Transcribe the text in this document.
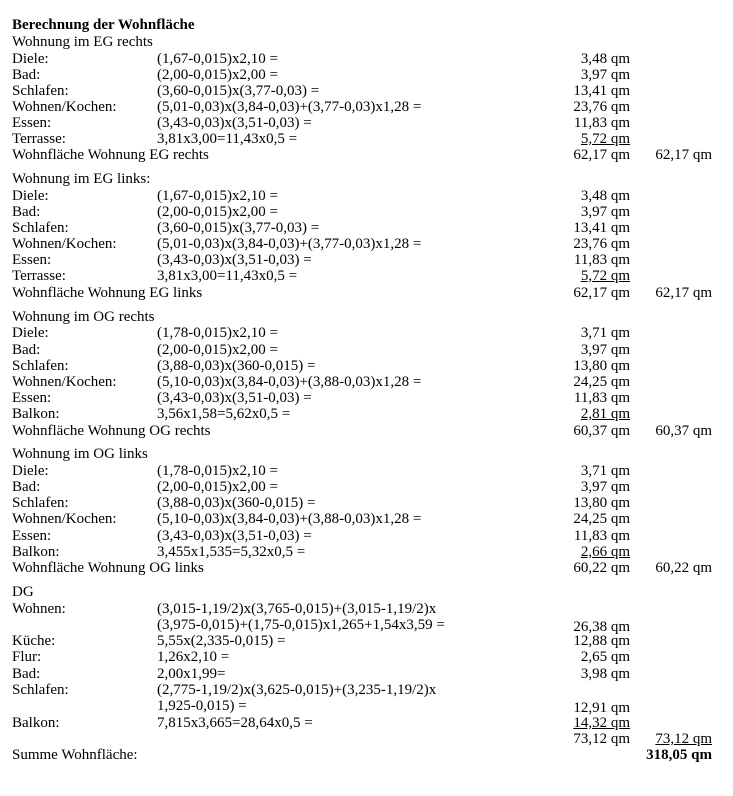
Berechnung der Wohnfläche
Wohnung im EG rechts
Diele:	(1,67-0,015)x2,10 =	3,48 qm
Bad:	(2,00-0,015)x2,00 =	3,97 qm
Schlafen:	(3,60-0,015)x(3,77-0,03) =	13,41 qm
Wohnen/Kochen:	(5,01-0,03)x(3,84-0,03)+(3,77-0,03)x1,28 =	23,76 qm
Essen:	(3,43-0,03)x(3,51-0,03) =	11,83 qm
Terrasse:	3,81x3,00=11,43x0,5 =	5,72 qm
Wohnfläche Wohnung EG rechts	62,17 qm 62,17 qm
Wohnung im EG links:
Diele:	(1,67-0,015)x2,10 =	3,48 qm
Bad:	(2,00-0,015)x2,00 =	3,97 qm
Schlafen:	(3,60-0,015)x(3,77-0,03) =	13,41 qm
Wohnen/Kochen:	(5,01-0,03)x(3,84-0,03)+(3,77-0,03)x1,28 =	23,76 qm
Essen:	(3,43-0,03)x(3,51-0,03) =	11,83 qm
Terrasse:	3,81x3,00=11,43x0,5 =	5,72 qm
Wohnfläche Wohnung EG links	62,17 qm 62,17 qm
Wohnung im OG rechts
Diele:	(1,78-0,015)x2,10 =	3,71 qm
Bad:	(2,00-0,015)x2,00 =	3,97 qm
Schlafen:	(3,88-0,03)x(360-0,015) =	13,80 qm
Wohnen/Kochen:	(5,10-0,03)x(3,84-0,03)+(3,88-0,03)x1,28 =	24,25 qm
Essen:	(3,43-0,03)x(3,51-0,03) =	11,83 qm
Balkon:	3,56x1,58=5,62x0,5 =	2,81 qm
Wohnfläche Wohnung OG rechts	60,37 qm 60,37 qm
Wohnung im OG links
Diele:	(1,78-0,015)x2,10 =	3,71 qm
Bad:	(2,00-0,015)x2,00 =	3,97 qm
Schlafen:	(3,88-0,03)x(360-0,015) =	13,80 qm
Wohnen/Kochen:	(5,10-0,03)x(3,84-0,03)+(3,88-0,03)x1,28 =	24,25 qm
Essen:	(3,43-0,03)x(3,51-0,03) =	11,83 qm
Balkon:	3,455x1,535=5,32x0,5 =	2,66 qm
Wohnfläche Wohnung OG links	60,22 qm 60,22 qm
DG
Wohnen:	(3,015-1,19/2)x(3,765-0,015)+(3,015-1,19/2)x
(3,975-0,015)+(1,75-0,015)x1,265+1,54x3,59 =	26,38 qm
Küche:	5,55x(2,335-0,015) =	12,88 qm
Flur:	1,26x2,10 =	2,65 qm
Bad:	2,00x1,99=	3,98 qm
Schlafen:	(2,775-1,19/2)x(3,625-0,015)+(3,235-1,19/2)x
1,925-0,015) =	12,91 qm
Balkon:	7,815x3,665=28,64x0,5 =	14,32 qm
73,12 qm 73,12 qm
Summe Wohnfläche:	318,05 qm
